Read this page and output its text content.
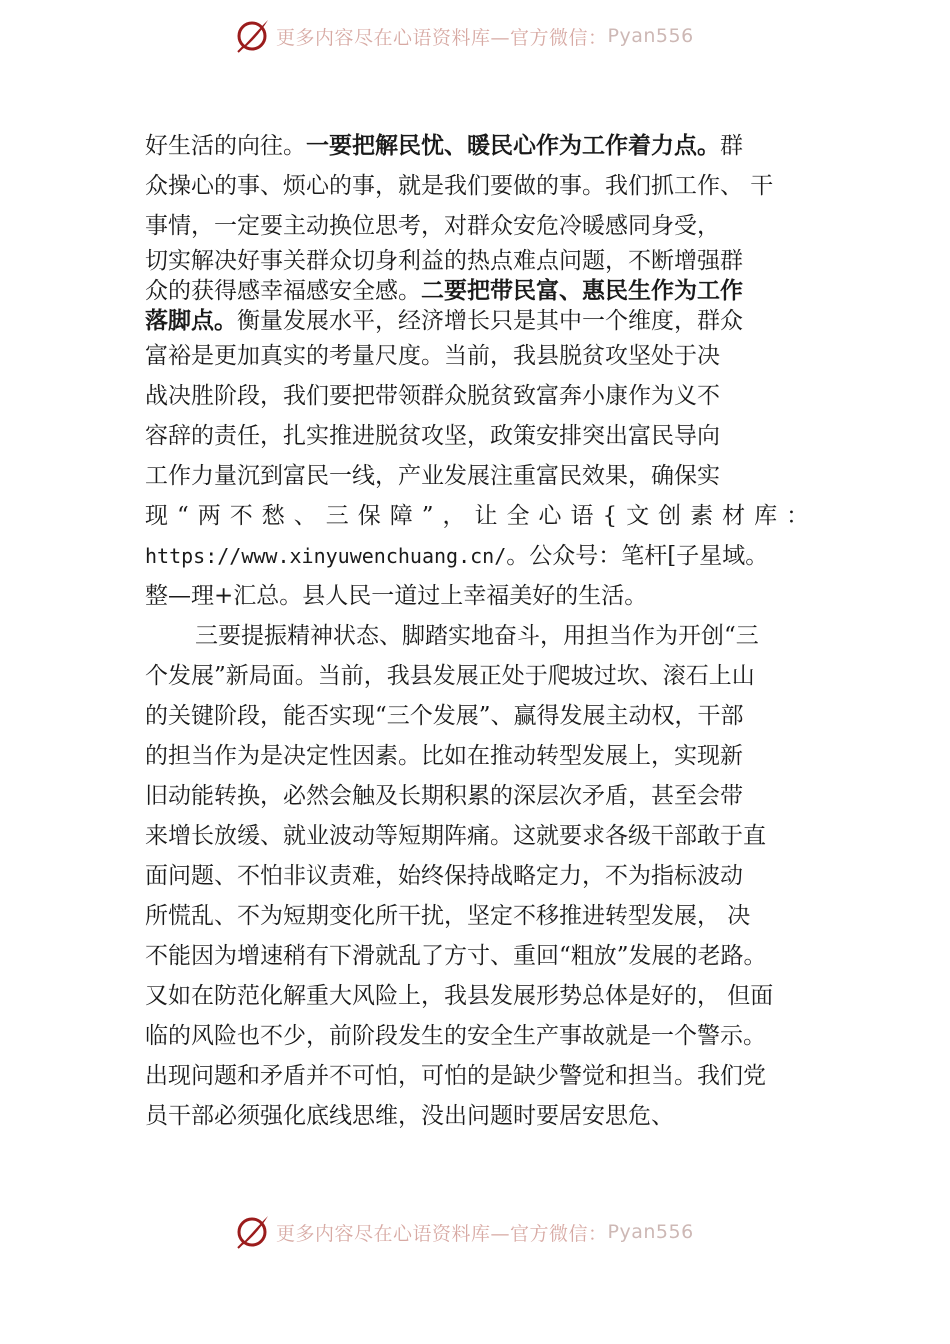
更多内容尽在心语资料库—官方微信： Pyan556
好生活的向往。一要把解民忧、暖民心作为工作着力点。群
众操心的事、烦心的事，就是我们要做的事。我们抓工作、 干
事情，一定要主动换位思考，对群众安危冷暖感同身受，
切实解决好事关群众切身利益的热点难点问题，不断增强群
众的获得感幸福感安全感。二要把带民富、惠民生作为工作
落脚点。衡量发展水平，经济增长只是其中一个维度，群众
富裕是更加真实的考量尺度。当前，我县脱贫攻坚处于决
战决胜阶段，我们要把带领群众脱贫致富奔小康作为义不
容辞的责任，扎实推进脱贫攻坚，政策安排突出富民导向
工作力量沉到富民一线，产业发展注重富民效果，确保实
现“两不愁、三保障”，让全心语{文创素材库：
https://www.xinyuwenchuang.cn/。公众号：笔杆[子星域。
整—理+汇总。县人民一道过上幸福美好的生活。
三要提振精神状态、脚踏实地奋斗，用担当作为开创“三
个发展”新局面。当前，我县发展正处于爬坡过坎、滚石上山
的关键阶段，能否实现“三个发展”、赢得发展主动权，干部
的担当作为是决定性因素。比如在推动转型发展上，实现新
旧动能转换，必然会触及长期积累的深层次矛盾，甚至会带
来增长放缓、就业波动等短期阵痛。这就要求各级干部敢于直
面问题、不怕非议责难，始终保持战略定力，不为指标波动
所慌乱、不为短期变化所干扰，坚定不移推进转型发展， 决
不能因为增速稍有下滑就乱了方寸、重回“粗放”发展的老路。
又如在防范化解重大风险上，我县发展形势总体是好的， 但面
临的风险也不少，前阶段发生的安全生产事故就是一个警示。
出现问题和矛盾并不可怕，可怕的是缺少警觉和担当。我们党
员干部必须强化底线思维，没出问题时要居安思危、
更多内容尽在心语资料库—官方微信： Pyan556
